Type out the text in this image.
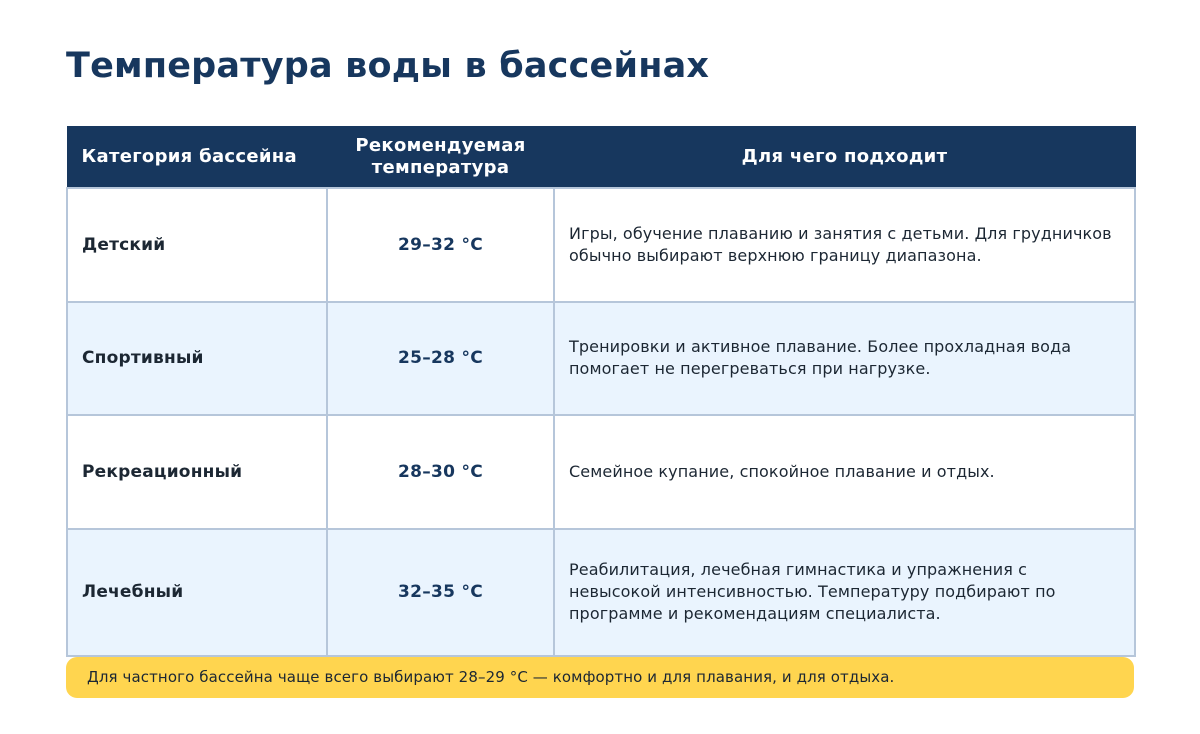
Температура воды в бассейнах
Категория бассейна	Рекомендуемая температура	Для чего подходит
Детский	29–32 °C	Игры, обучение плаванию и занятия с детьми. Для грудничков обычно выбирают верхнюю границу диапазона.
Спортивный	25–28 °C	Тренировки и активное плавание. Более прохладная вода помогает не перегреваться при нагрузке.
Рекреационный	28–30 °C	Семейное купание, спокойное плавание и отдых.
Лечебный	32–35 °C	Реабилитация, лечебная гимнастика и упражнения с невысокой интенсивностью. Температуру подбирают по программе и рекомендациям специалиста.
Для частного бассейна чаще всего выбирают 28–29 °C — комфортно и для плавания, и для отдыха.
